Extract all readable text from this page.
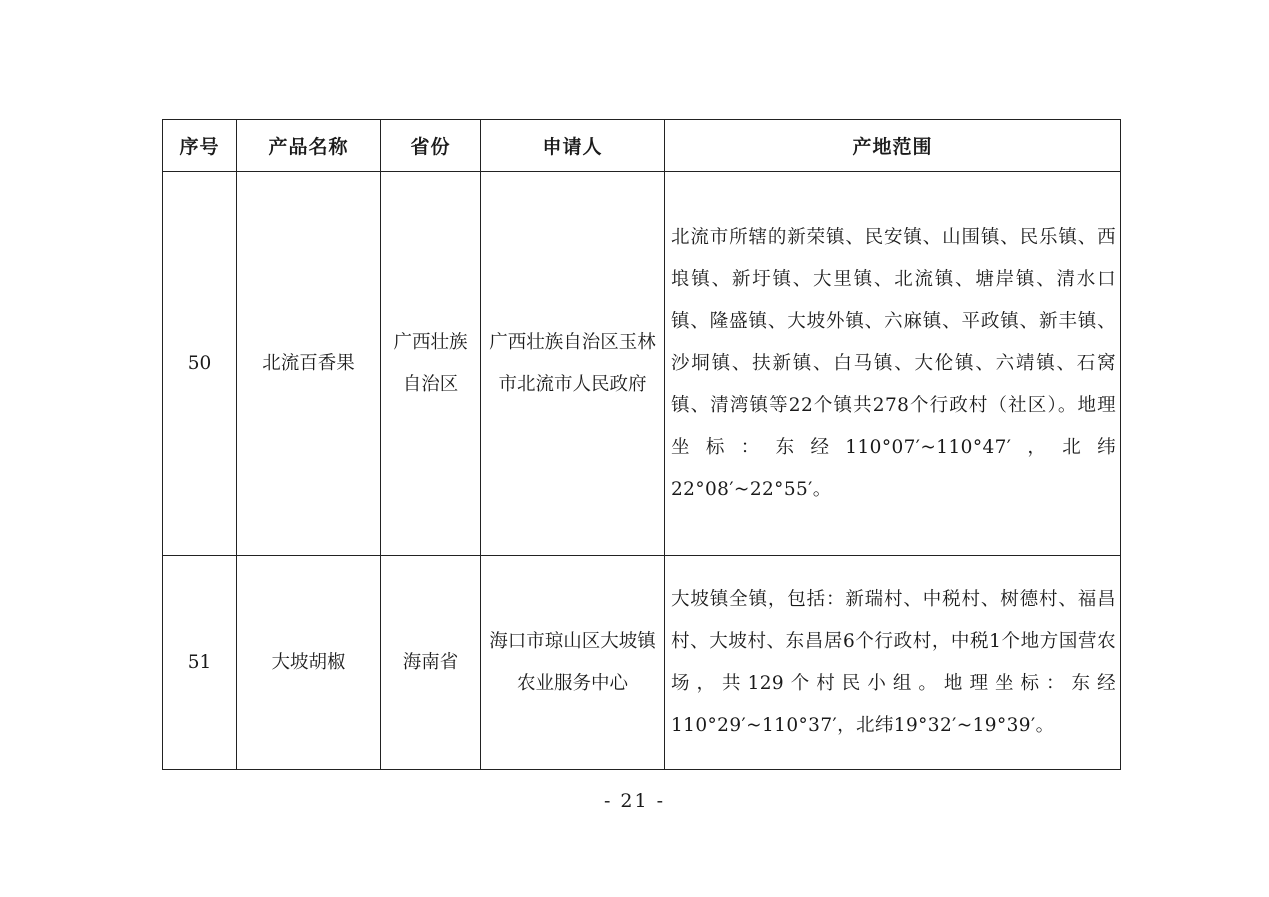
序号	产品名称	省份	申请人	产地范围
50	北流百香果	广西壮族自治区	广西壮族自治区玉林市北流市人民政府	北流市所辖的新荣镇、民安镇、山围镇、民乐镇、西埌镇、新圩镇、大里镇、北流镇、塘岸镇、清水口镇、隆盛镇、大坡外镇、六麻镇、平政镇、新丰镇、沙垌镇、扶新镇、白马镇、大伦镇、六靖镇、石窝镇、清湾镇等22个镇共278个行政村（社区）。地理坐标：东经110°07′~110°47′，北纬22°08′~22°55′。
51	大坡胡椒	海南省	海口市琼山区大坡镇农业服务中心	大坡镇全镇，包括：新瑞村、中税村、树德村、福昌村、大坡村、东昌居6个行政村，中税1个地方国营农场，共129个村民小组。地理坐标：东经110°29′~110°37′，北纬19°32′~19°39′。
- 21 -
